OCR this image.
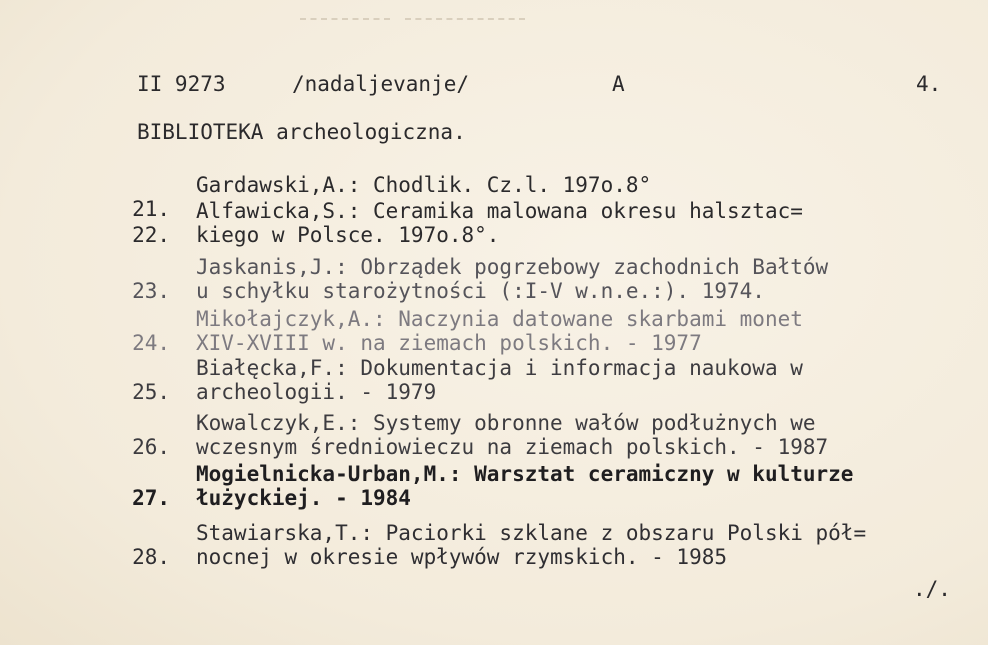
II 9273	/nadaljevanje/	A	4.
BIBLIOTEKA archeologiczna.

21.

Gardawski,A.: Chodlik. Cz.l. 197o.8°

22.

Alfawicka,S.: Ceramika malowana okresu halsztac=

kiego w Polsce. 197o.8°.

23.

Jaskanis,J.: Obrządek pogrzebowy zachodnich Bałtów

u schyłku starożytności (:I-V w.n.e.:). 1974.

24.

Mikołajczyk,A.: Naczynia datowane skarbami monet

XIV-XVIII w. na ziemach polskich. - 1977

25.

Białęcka,F.: Dokumentacja i informacja naukowa w

archeologii. - 1979

26.

Kowalczyk,E.: Systemy obronne wałów podłużnych we

wczesnym średniowieczu na ziemach polskich. - 1987

27.

Mogielnicka-Urban,M.: Warsztat ceramiczny w kulturze

łużyckiej. - 1984

28.

Stawiarska,T.: Paciorki szklane z obszaru Polski pół=

nocnej w okresie wpływów rzymskich. - 1985

./.
